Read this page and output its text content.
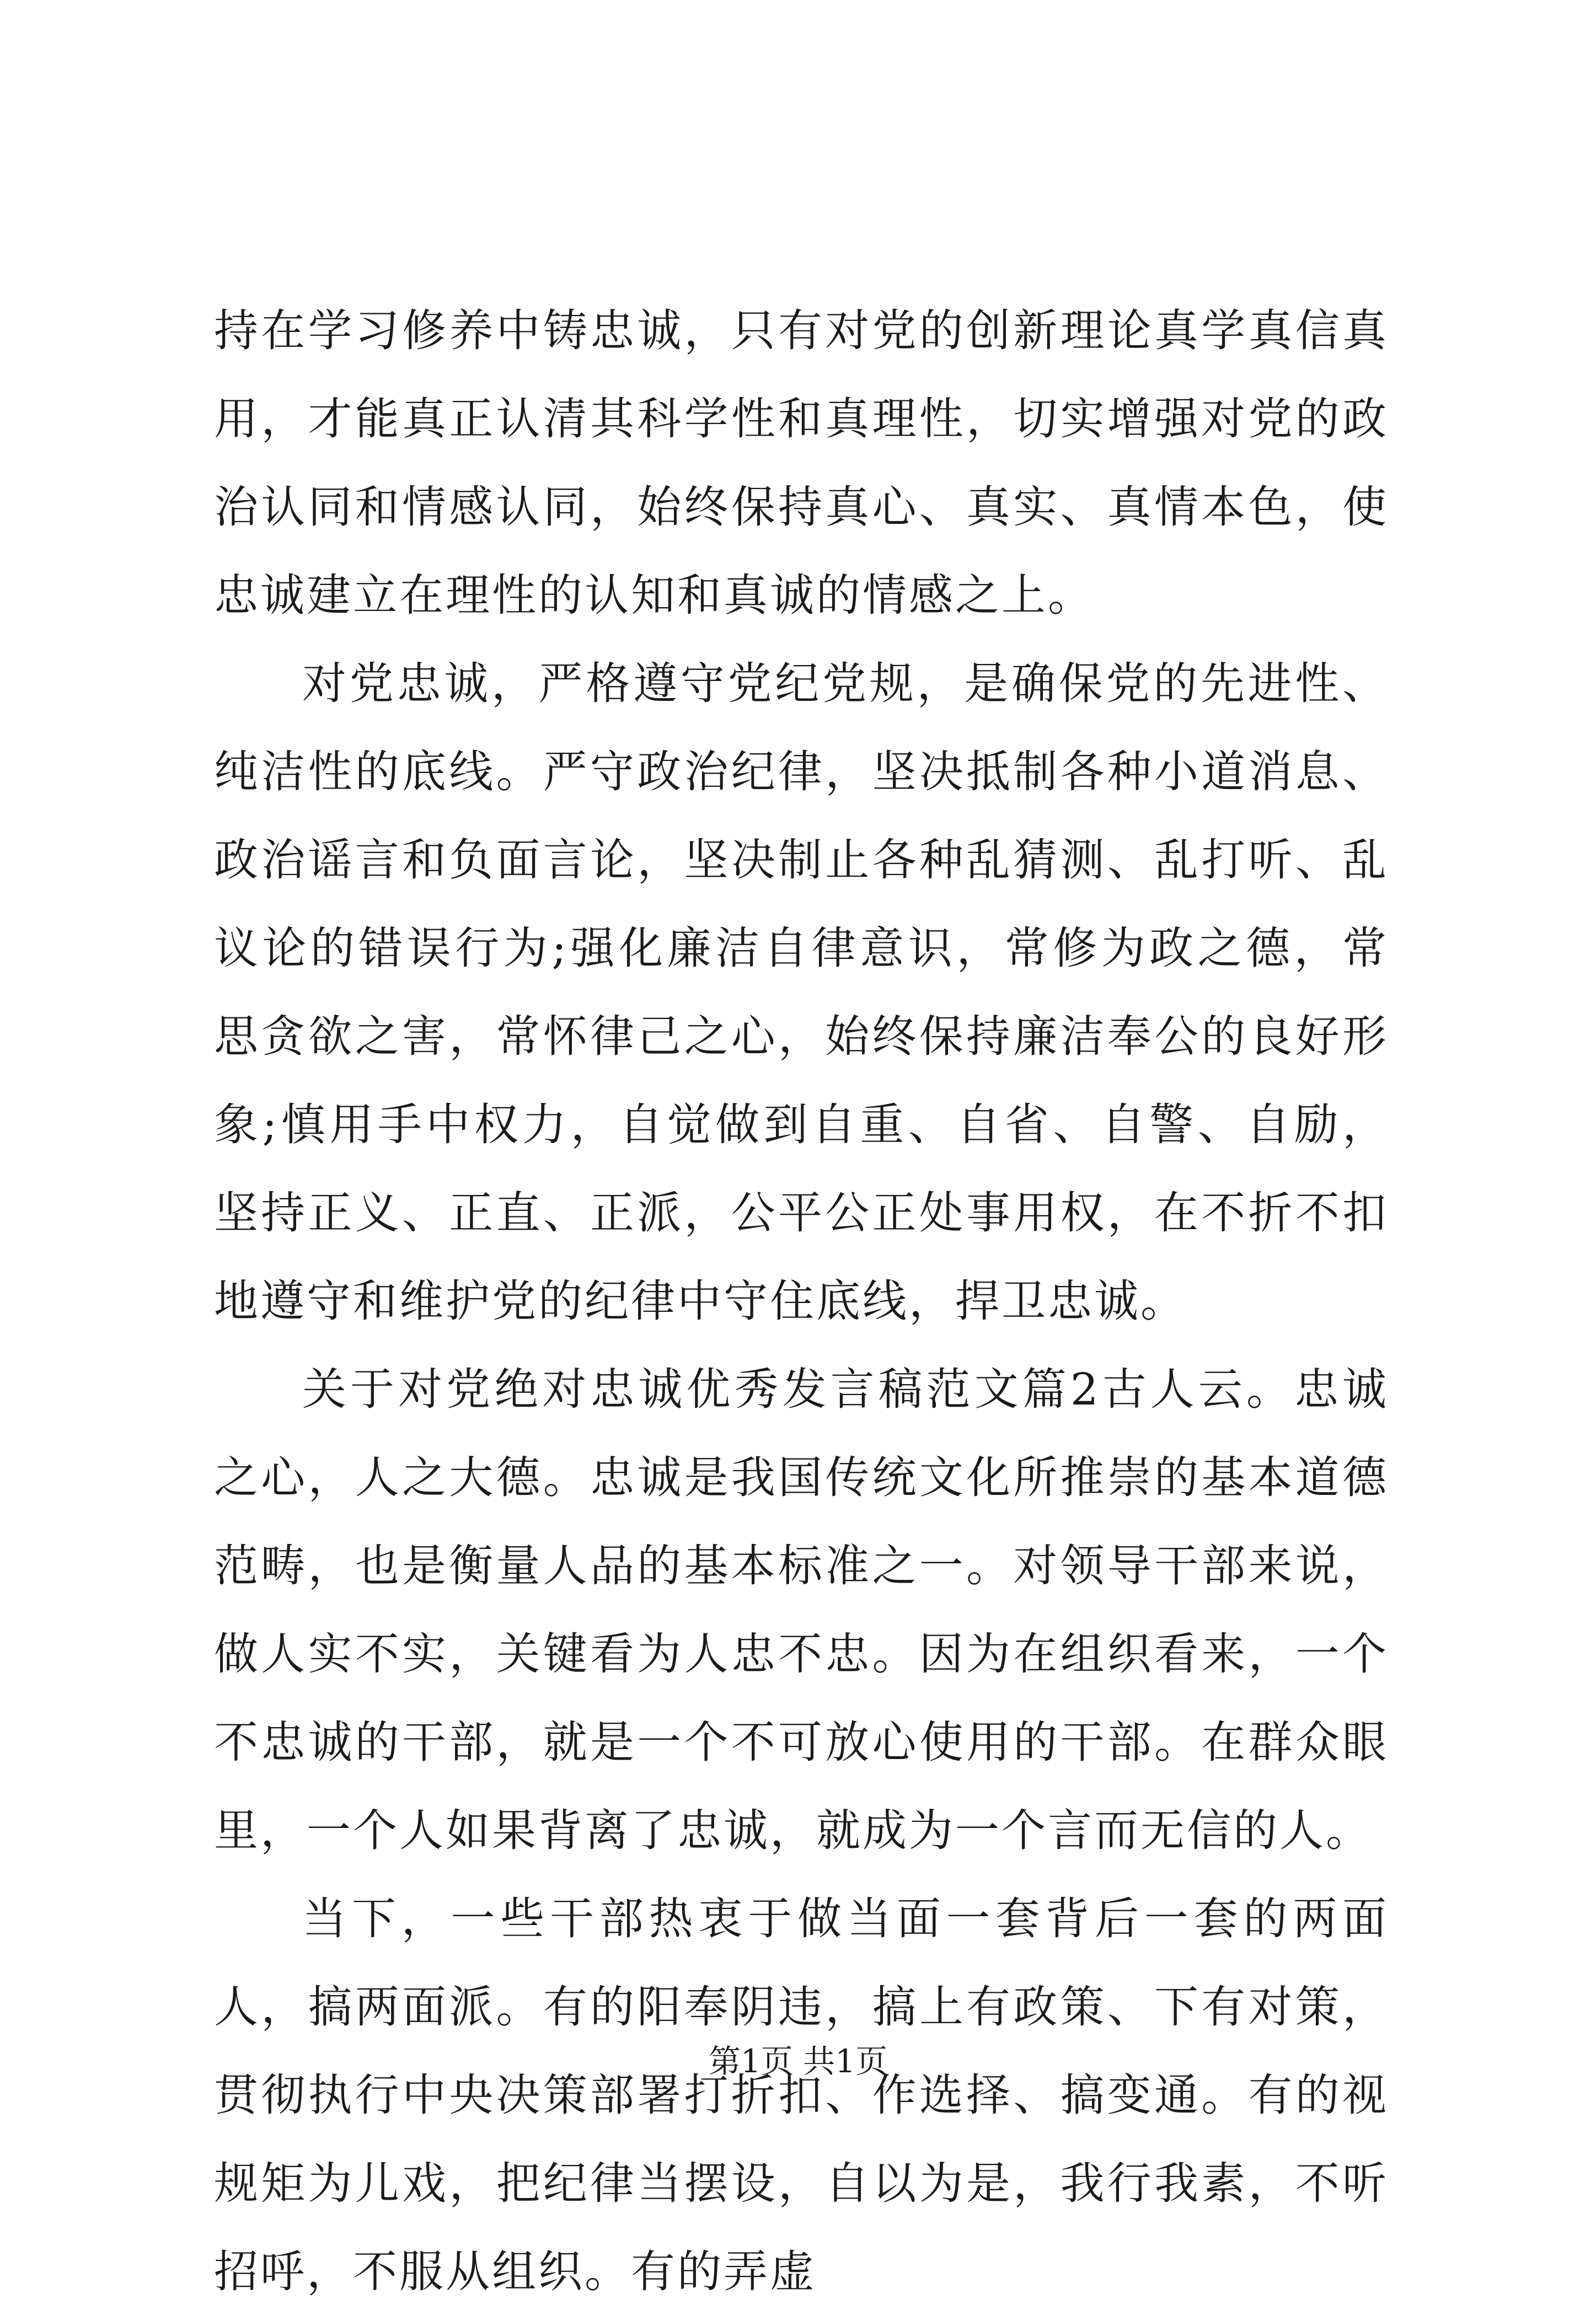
持在学习修养中铸忠诚，只有对党的创新理论真学真信真用，才能真正认清其科学性和真理性，切实增强对党的政治认同和情感认同，始终保持真心、真实、真情本色，使忠诚建立在理性的认知和真诚的情感之上。

对党忠诚，严格遵守党纪党规，是确保党的先进性、纯洁性的底线。严守政治纪律，坚决抵制各种小道消息、政治谣言和负面言论，坚决制止各种乱猜测、乱打听、乱议论的错误行为;强化廉洁自律意识，常修为政之德，常思贪欲之害，常怀律己之心，始终保持廉洁奉公的良好形象;慎用手中权力，自觉做到自重、自省、自警、自励，坚持正义、正直、正派，公平公正处事用权，在不折不扣地遵守和维护党的纪律中守住底线，捍卫忠诚。

关于对党绝对忠诚优秀发言稿范文篇2古人云。忠诚之心，人之大德。忠诚是我国传统文化所推崇的基本道德范畴，也是衡量人品的基本标准之一。对领导干部来说，做人实不实，关键看为人忠不忠。因为在组织看来，一个不忠诚的干部，就是一个不可放心使用的干部。在群众眼里，一个人如果背离了忠诚，就成为一个言而无信的人。

当下，一些干部热衷于做当面一套背后一套的两面人，搞两面派。有的阳奉阴违，搞上有政策、下有对策，贯彻执行中央决策部署打折扣、作选择、搞变通。有的视规矩为儿戏，把纪律当摆设，自以为是，我行我素，不听招呼，不服从组织。有的弄虚

第1页 共1页
